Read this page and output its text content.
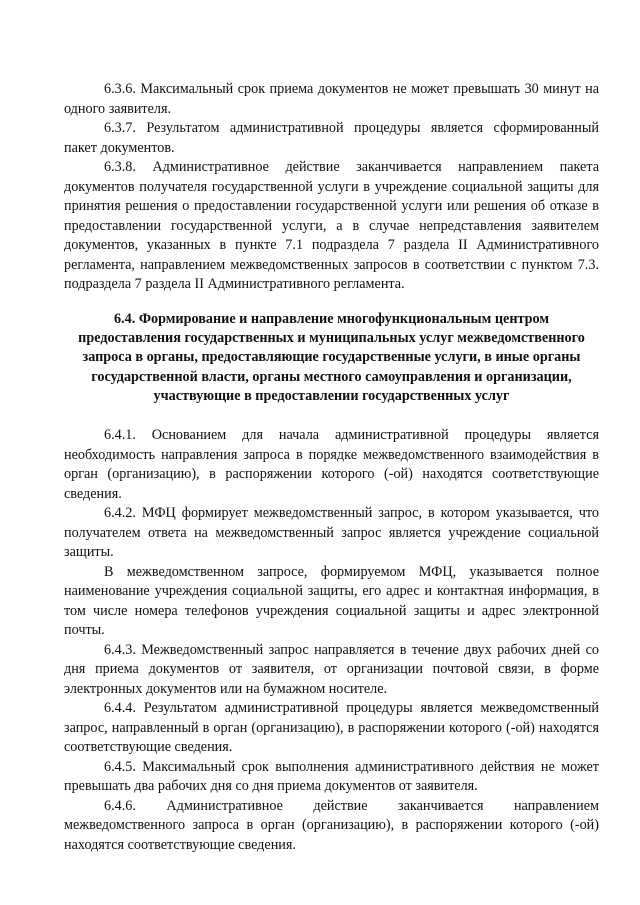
6.3.6. Максимальный срок приема документов не может превышать 30 минут на одного заявителя.

6.3.7. Результатом административной процедуры является сформированный пакет документов.

6.3.8. Административное действие заканчивается направлением пакета документов получателя государственной услуги в учреждение социальной защиты для принятия решения о предоставлении государственной услуги или решения об отказе в предоставлении государственной услуги, а в случае непредставления заявителем документов, указанных в пункте 7.1 подраздела 7 раздела II Административного регламента, направлением межведомственных запросов в соответствии с пунктом 7.3. подраздела 7 раздела II Административного регламента.

6.4. Формирование и направление многофункциональным центром предоставления государственных и муниципальных услуг межведомственного запроса в органы, предоставляющие государственные услуги, в иные органы государственной власти, органы местного самоуправления и организации, участвующие в предоставлении государственных услуг

6.4.1. Основанием для начала административной процедуры является необходимость направления запроса в порядке межведомственного взаимодействия в орган (организацию), в распоряжении которого (-ой) находятся соответствующие сведения.

6.4.2. МФЦ формирует межведомственный запрос, в котором указывается, что получателем ответа на межведомственный запрос является учреждение социальной защиты.

В межведомственном запросе, формируемом МФЦ, указывается полное наименование учреждения социальной защиты, его адрес и контактная информация, в том числе номера телефонов учреждения социальной защиты и адрес электронной почты.

6.4.3. Межведомственный запрос направляется в течение двух рабочих дней со дня приема документов от заявителя, от организации почтовой связи, в форме электронных документов или на бумажном носителе.

6.4.4. Результатом административной процедуры является межведомственный запрос, направленный в орган (организацию), в распоряжении которого (-ой) находятся соответствующие сведения.

6.4.5. Максимальный срок выполнения административного действия не может превышать два рабочих дня со дня приема документов от заявителя.

6.4.6. Административное действие заканчивается направлением межведомственного запроса в орган (организацию), в распоряжении которого (-ой) находятся соответствующие сведения.
